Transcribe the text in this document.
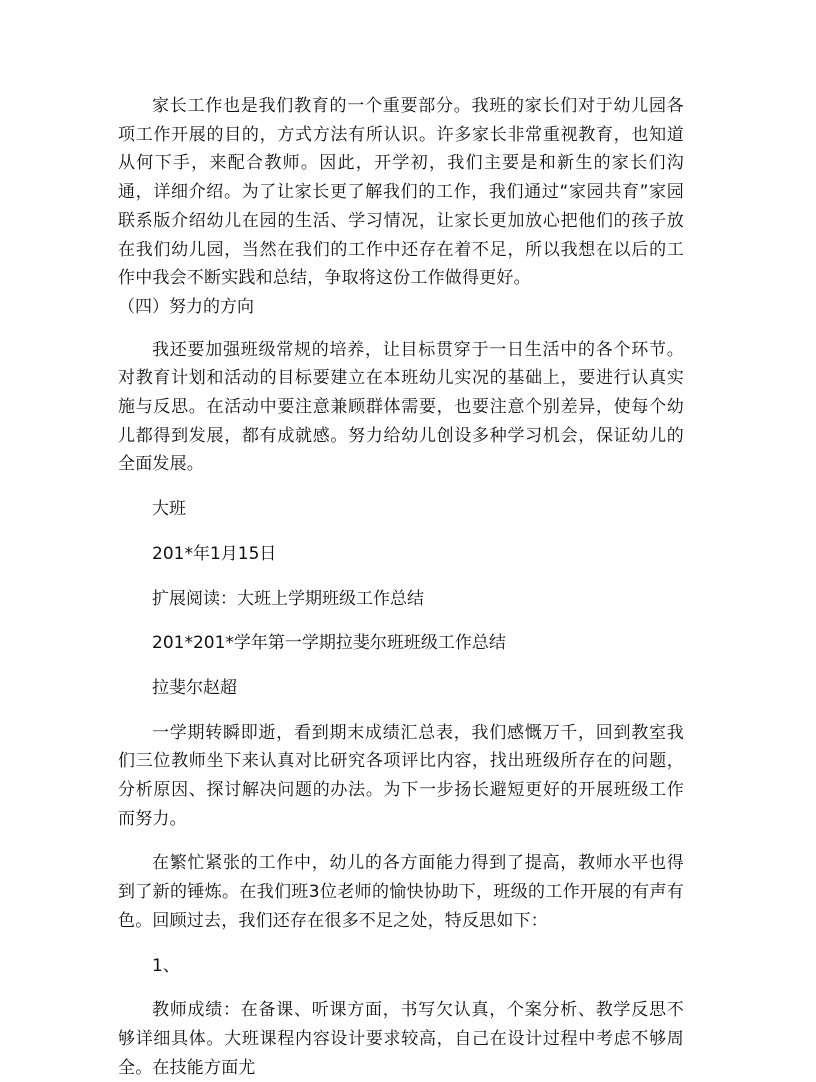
家长工作也是我们教育的一个重要部分。我班的家长们对于幼儿园各项工作开展的目的，方式方法有所认识。许多家长非常重视教育，也知道从何下手，来配合教师。因此，开学初，我们主要是和新生的家长们沟通，详细介绍。为了让家长更了解我们的工作，我们通过“家园共育”家园联系版介绍幼儿在园的生活、学习情况，让家长更加放心把他们的孩子放在我们幼儿园，当然在我们的工作中还存在着不足，所以我想在以后的工作中我会不断实践和总结，争取将这份工作做得更好。

（四）努力的方向

我还要加强班级常规的培养，让目标贯穿于一日生活中的各个环节。对教育计划和活动的目标要建立在本班幼儿实况的基础上，要进行认真实施与反思。在活动中要注意兼顾群体需要，也要注意个别差异，使每个幼儿都得到发展，都有成就感。努力给幼儿创设多种学习机会，保证幼儿的全面发展。

大班

201*年1月15日

扩展阅读：大班上学期班级工作总结

201*201*学年第一学期拉斐尔班班级工作总结

拉斐尔赵超

一学期转瞬即逝，看到期末成绩汇总表，我们感慨万千，回到教室我们三位教师坐下来认真对比研究各项评比内容，找出班级所存在的问题，分析原因、探讨解决问题的办法。为下一步扬长避短更好的开展班级工作而努力。

在繁忙紧张的工作中，幼儿的各方面能力得到了提高，教师水平也得到了新的锤炼。在我们班3位老师的愉快协助下，班级的工作开展的有声有色。回顾过去，我们还存在很多不足之处，特反思如下：

1、

教师成绩：在备课、听课方面，书写欠认真，个案分析、教学反思不够详细具体。大班课程内容设计要求较高，自己在设计过程中考虑不够周全。在技能方面尤
